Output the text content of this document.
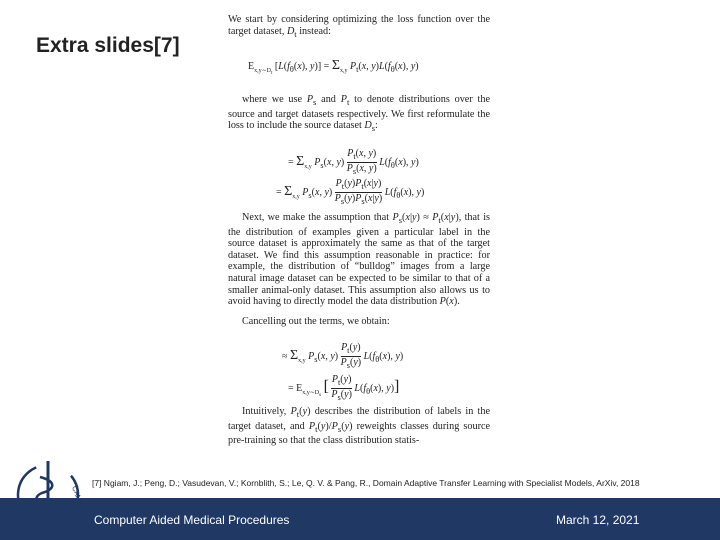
Extra slides[7]
We start by considering optimizing the loss function over the target dataset, $D_t$ instead:
$E_{x,y\sim D_t}$ [$L(f_\theta(x)$, $y)] = \Sigma_{x,y}$ $P_t(x$, $y)L(f_\theta(x)$, y)
where we use $P_s$ and $P_t$ to denote distributions over the source and target datasets respectively. We first reformulate the loss to include the source dataset $D_s$:
= $\Sigma_{x,y}$ $P_s(x$, $y) \frac{P_t(x, y)}{P_s(x, y)} L(f_\theta(x)$, y)
= $\Sigma_{x,y}$ $P_s(x$, $y) \frac{P_t(y)P_t(x|y)}{P_s(y)P_s(x|y)} L(f_\theta(x)$, y)
Next, we make the assumption that $P_s(x|y) \approx P_t(x|y)$, that is the distribution of examples given a particular label in the source dataset is approximately the same as that of the target dataset. We find this assumption reasonable in practice: for example, the distribution of “bulldog” images from a large natural image dataset can be expected to be similar to that of a smaller animal-only dataset. This assumption also allows us to avoid having to directly model the data distribution P(x).
Cancelling out the terms, we obtain:
≈ $\Sigma_{x,y}$ $P_s(x$, $y) \frac{P_t(y)}{P_s(y)} L(f_\theta(x)$, y)
= $E_{x,y\sim D_s}$ [ $\frac{P_t(y)}{P_s(y)} L(f_\theta(x)$, y)]
Intuitively, $P_t(y)$ describes the distribution of labels in the target dataset, and $P_t(y)/P_s(y)$ reweights classes during source pre-training so that the class distribution statis-
[7] Ngiam, J.; Peng, D.; Vasudevan, V.; Kornblith, S.; Le, Q. V. & Pang, R., Domain Adaptive Transfer Learning with Specialist Models, ArXiv, 2018
Computer Aided Medical Procedures	March 12, 2021
CAMP
